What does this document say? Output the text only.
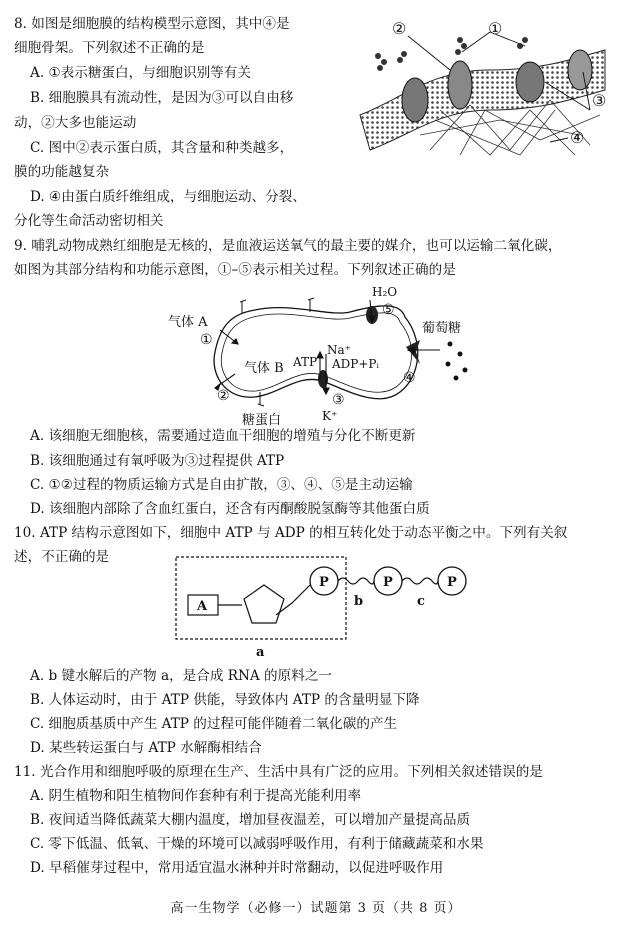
8. 如图是细胞膜的结构模型示意图，其中④是
细胞骨架。下列叙述不正确的是
A. ①表示糖蛋白，与细胞识别等有关
B. 细胞膜具有流动性，是因为③可以自由移
动，②大多也能运动
C. 图中②表示蛋白质，其含量和种类越多，
膜的功能越复杂
D. ④由蛋白质纤维组成，与细胞运动、分裂、
分化等生命活动密切相关
②	①
③
④
9. 哺乳动物成熟红细胞是无核的，是血液运送氧气的最主要的媒介，也可以运输二氧化碳，
如图为其部分结构和功能示意图，①–⑤表示相关过程。下列叙述正确的是
气体 A
①
气体 B
②
糖蛋白
ATP
Na⁺
ADP+Pᵢ
③
K⁺
H₂O
⑤
葡萄糖
④
A. 该细胞无细胞核，需要通过造血干细胞的增殖与分化不断更新
B. 该细胞通过有氧呼吸为③过程提供 ATP
C. ①②过程的物质运输方式是自由扩散，③、④、⑤是主动运输
D. 该细胞内部除了含血红蛋白，还含有丙酮酸脱氢酶等其他蛋白质
10. ATP 结构示意图如下，细胞中 ATP 与 ADP 的相互转化处于动态平衡之中。下列有关叙
述，不正确的是
A
P	P	P
b	c
a
A. b 键水解后的产物 a，是合成 RNA 的原料之一
B. 人体运动时，由于 ATP 供能，导致体内 ATP 的含量明显下降
C. 细胞质基质中产生 ATP 的过程可能伴随着二氧化碳的产生
D. 某些转运蛋白与 ATP 水解酶相结合
11. 光合作用和细胞呼吸的原理在生产、生活中具有广泛的应用。下列相关叙述错误的是
A. 阴生植物和阳生植物间作套种有利于提高光能利用率
B. 夜间适当降低蔬菜大棚内温度，增加昼夜温差，可以增加产量提高品质
C. 零下低温、低氧、干燥的环境可以减弱呼吸作用，有利于储藏蔬菜和水果
D. 早稻催芽过程中，常用适宜温水淋种并时常翻动，以促进呼吸作用
高一生物学（必修一）试题第 3 页（共 8 页）
